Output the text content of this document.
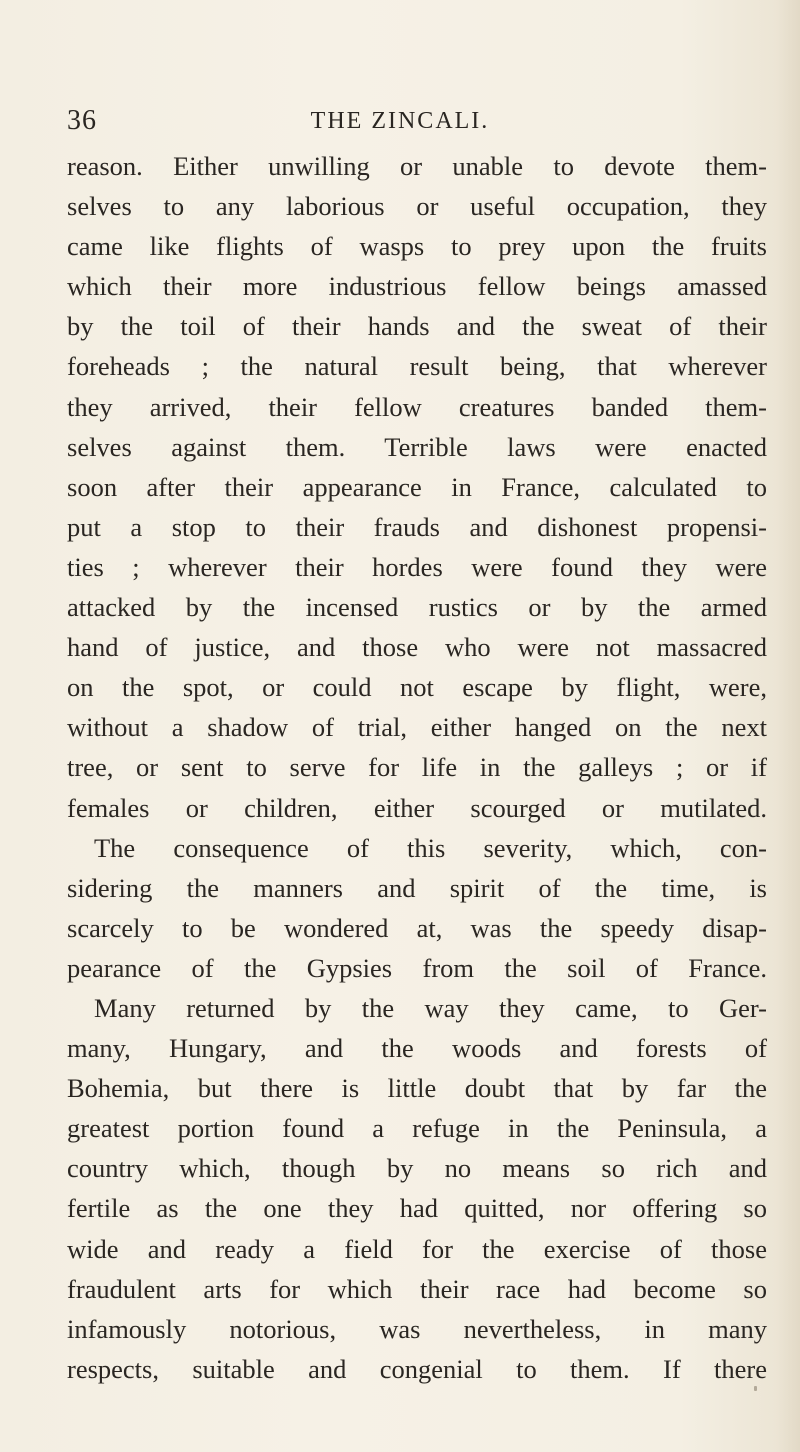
36	THE ZINCALI.
reason. Either unwilling or unable to devote them-
selves to any laborious or useful occupation, they
came like flights of wasps to prey upon the fruits
which their more industrious fellow beings amassed
by the toil of their hands and the sweat of their
foreheads ; the natural result being, that wherever
they arrived, their fellow creatures banded them-
selves against them. Terrible laws were enacted
soon after their appearance in France, calculated to
put a stop to their frauds and dishonest propensi-
ties ; wherever their hordes were found they were
attacked by the incensed rustics or by the armed
hand of justice, and those who were not massacred
on the spot, or could not escape by flight, were,
without a shadow of trial, either hanged on the next
tree, or sent to serve for life in the galleys ; or if
females or children, either scourged or mutilated.
The consequence of this severity, which, con-
sidering the manners and spirit of the time, is
scarcely to be wondered at, was the speedy disap-
pearance of the Gypsies from the soil of France.
Many returned by the way they came, to Ger-
many, Hungary, and the woods and forests of
Bohemia, but there is little doubt that by far the
greatest portion found a refuge in the Peninsula, a
country which, though by no means so rich and
fertile as the one they had quitted, nor offering so
wide and ready a field for the exercise of those
fraudulent arts for which their race had become so
infamously notorious, was nevertheless, in many
respects, suitable and congenial to them. If there
